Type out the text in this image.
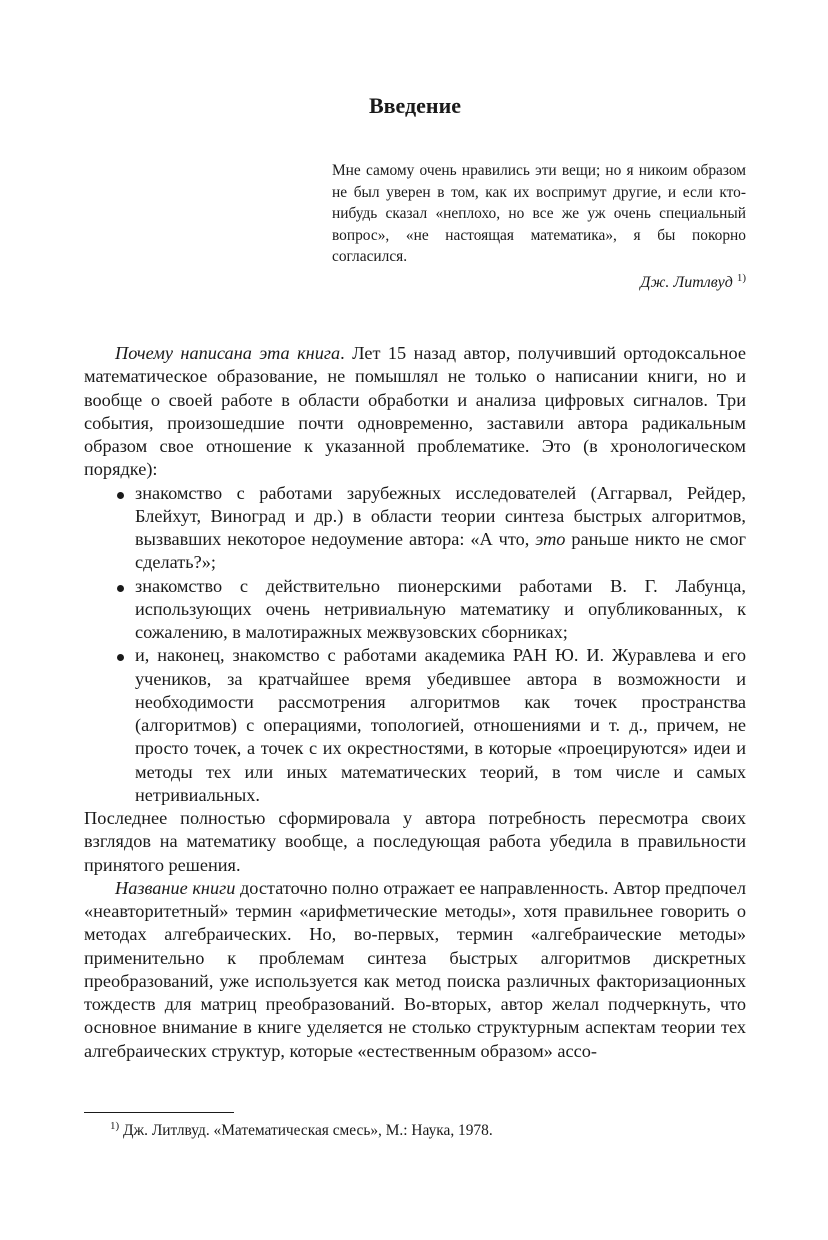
Введение
Мне самому очень нравились эти вещи; но я никоим образом не был уверен в том, как их воспримут другие, и если кто-нибудь сказал «неплохо, но все же уж очень специальный вопрос», «не настоящая математика», я бы покорно согласился.
Дж. Литлвуд $^{1)}$

Почему написана эта книга. Лет 15 назад автор, получивший ортодоксальное математическое образование, не помышлял не только о написании книги, но и вообще о своей работе в области обработки и анализа цифровых сигналов. Три события, произошедшие почти одновременно, заставили автора радикальным образом свое отношение к указанной проблематике. Это (в хронологическом порядке):

знакомство с работами зарубежных исследователей (Аггарвал, Рейдер, Блейхут, Виноград и др.) в области теории синтеза быстрых алгоритмов, вызвавших некоторое недоумение автора: «А что, это раньше никто не смог сделать?»;
знакомство с действительно пионерскими работами В. Г. Лабунца, использующих очень нетривиальную математику и опубликованных, к сожалению, в малотиражных межвузовских сборниках;
и, наконец, знакомство с работами академика РАН Ю. И. Журавлева и его учеников, за кратчайшее время убедившее автора в возможности и необходимости рассмотрения алгоритмов как точек пространства (алгоритмов) с операциями, топологией, отношениями и т. д., причем, не просто точек, а точек с их окрестностями, в которые «проецируются» идеи и методы тех или иных математических теорий, в том числе и самых нетривиальных.

Последнее полностью сформировала у автора потребность пересмотра своих взглядов на математику вообще, а последующая работа убедила в правильности принятого решения.

Название книги достаточно полно отражает ее направленность. Автор предпочел «неавторитетный» термин «арифметические методы», хотя правильнее говорить о методах алгебраических. Но, во-первых, термин «алгебраические методы» применительно к проблемам синтеза быстрых алгоритмов дискретных преобразований, уже используется как метод поиска различных факторизационных тождеств для матриц преобразований. Во-вторых, автор желал подчеркнуть, что основное внимание в книге уделяется не столько структурным аспектам теории тех алгебраических структур, которые «естественным образом» ассо-

$^{1)}$ Дж. Литлвуд. «Математическая смесь», М.: Наука, 1978.
